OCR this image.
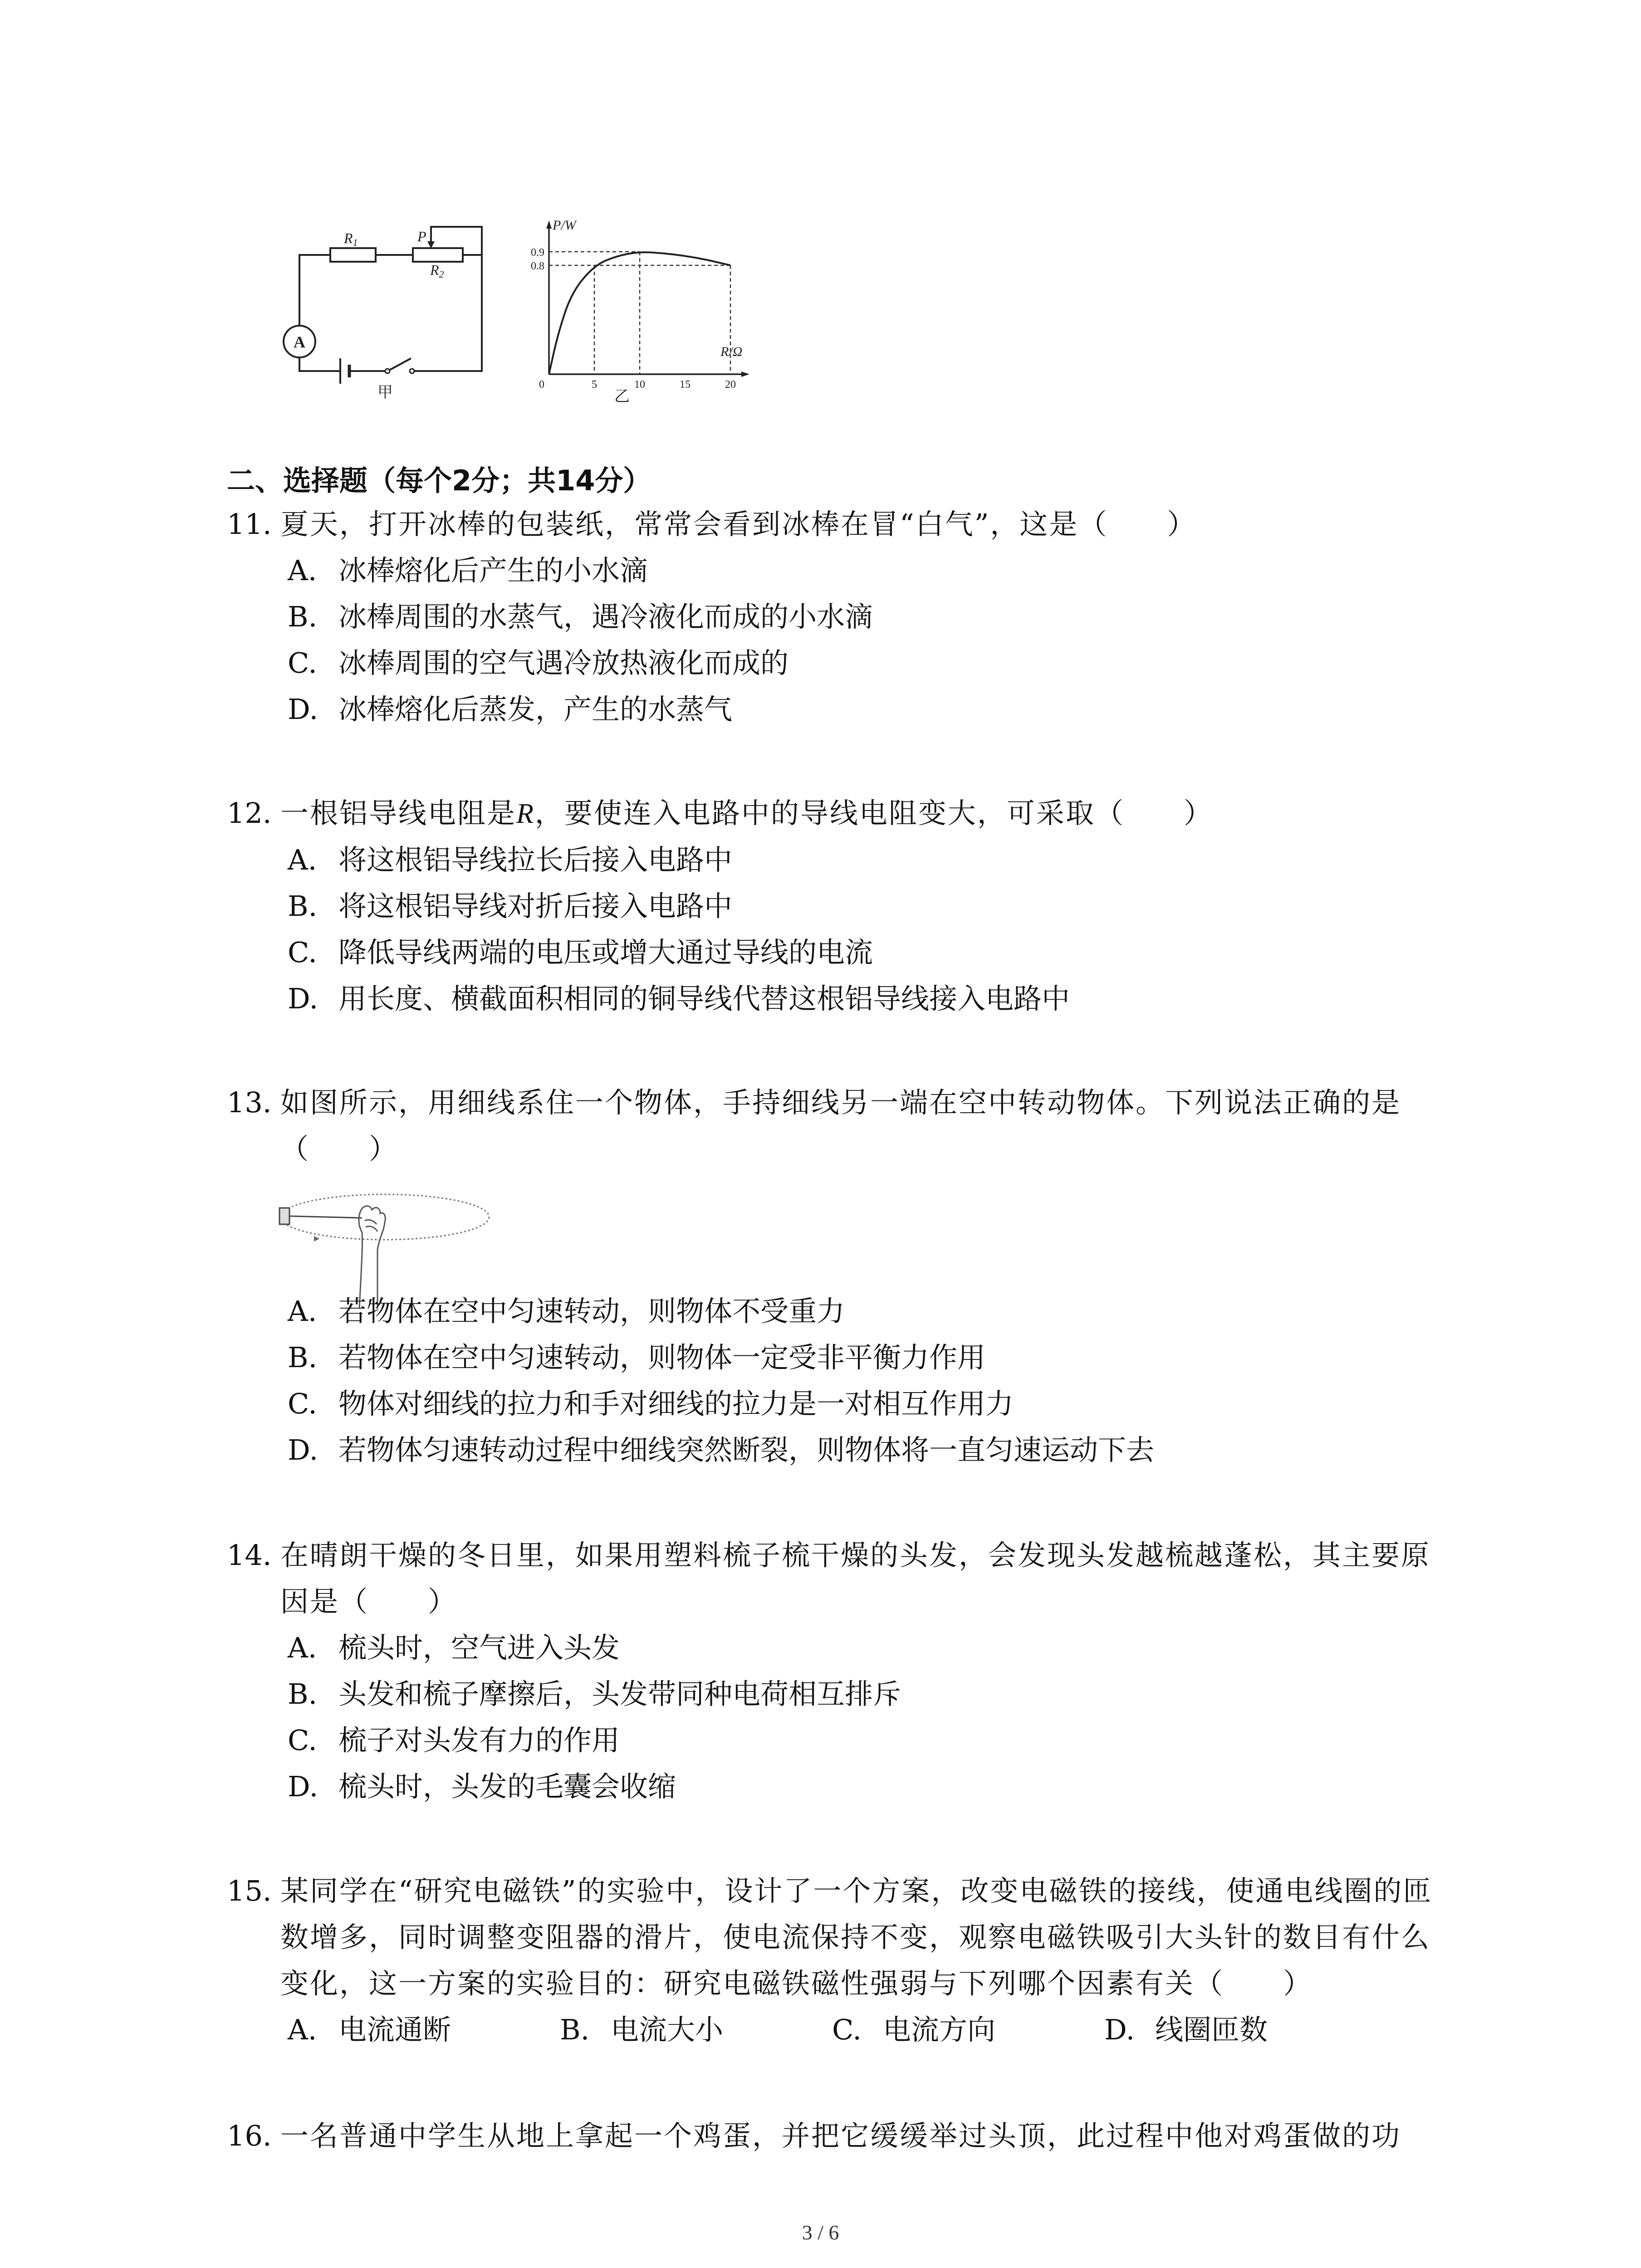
R1	P
R2
A
甲
0.9
0.8
0	5	10	15	20
P/W
R/Ω
乙
二、选择题（每个2分；共14分）
11. 夏天，打开冰棒的包装纸，常常会看到冰棒在冒“白气”，这是（　　）
A. 冰棒熔化后产生的小水滴
B. 冰棒周围的水蒸气，遇冷液化而成的小水滴
C. 冰棒周围的空气遇冷放热液化而成的
D. 冰棒熔化后蒸发，产生的水蒸气
12. 一根铝导线电阻是R，要使连入电路中的导线电阻变大，可采取（　　）
A. 将这根铝导线拉长后接入电路中
B. 将这根铝导线对折后接入电路中
C. 降低导线两端的电压或增大通过导线的电流
D. 用长度、横截面积相同的铜导线代替这根铝导线接入电路中
13. 如图所示，用细线系住一个物体，手持细线另一端在空中转动物体。下列说法正确的是（　　）
A. 若物体在空中匀速转动，则物体不受重力
B. 若物体在空中匀速转动，则物体一定受非平衡力作用
C. 物体对细线的拉力和手对细线的拉力是一对相互作用力
D. 若物体匀速转动过程中细线突然断裂，则物体将一直匀速运动下去
14. 在晴朗干燥的冬日里，如果用塑料梳子梳干燥的头发，会发现头发越梳越蓬松，其主要原因是（　　）
A. 梳头时，空气进入头发
B. 头发和梳子摩擦后，头发带同种电荷相互排斥
C. 梳子对头发有力的作用
D. 梳头时，头发的毛囊会收缩
15. 某同学在“研究电磁铁”的实验中，设计了一个方案，改变电磁铁的接线，使通电线圈的匝数增多，同时调整变阻器的滑片，使电流保持不变，观察电磁铁吸引大头针的数目有什么变化，这一方案的实验目的：研究电磁铁磁性强弱与下列哪个因素有关（　　）
A. 电流通断	B. 电流大小	C. 电流方向	D. 线圈匝数
16. 一名普通中学生从地上拿起一个鸡蛋，并把它缓缓举过头顶，此过程中他对鸡蛋做的功
3 / 6
